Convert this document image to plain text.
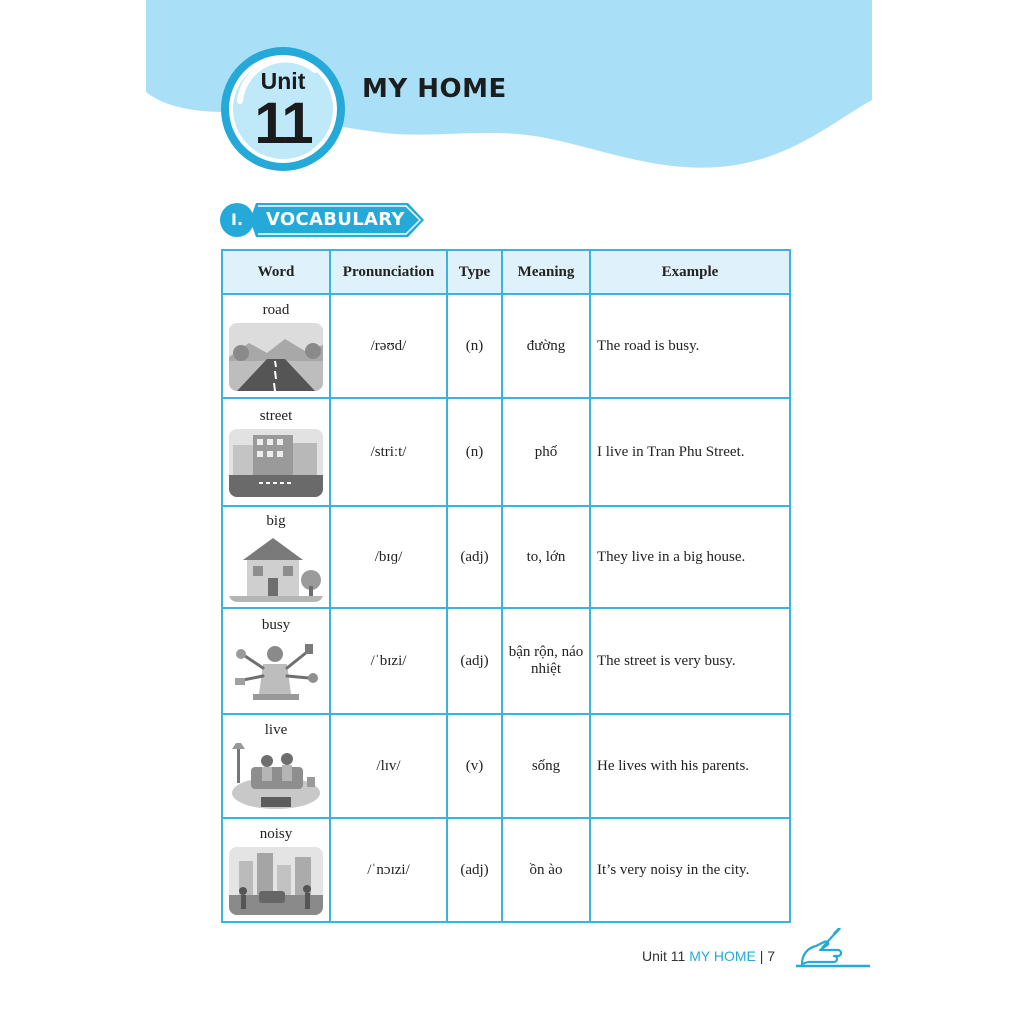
Unit
11
MY HOME
I.	VOCABULARY
Word	Pronunciation	Type	Meaning	Example

road	/rəʊd/	(n)	đường	The road is busy.

street	/striːt/	(n)	phố	I live in Tran Phu Street.

big	/bɪɡ/	(adj)	to, lớn	They live in a big house.

busy	/ˈbɪzi/	(adj)	bận rộn, náo nhiệt	The street is very busy.

live	/lɪv/	(v)	sống	He lives with his parents.

noisy	/ˈnɔɪzi/	(adj)	ồn ào	It’s very noisy in the city.
Unit 11 MY HOME | 7
